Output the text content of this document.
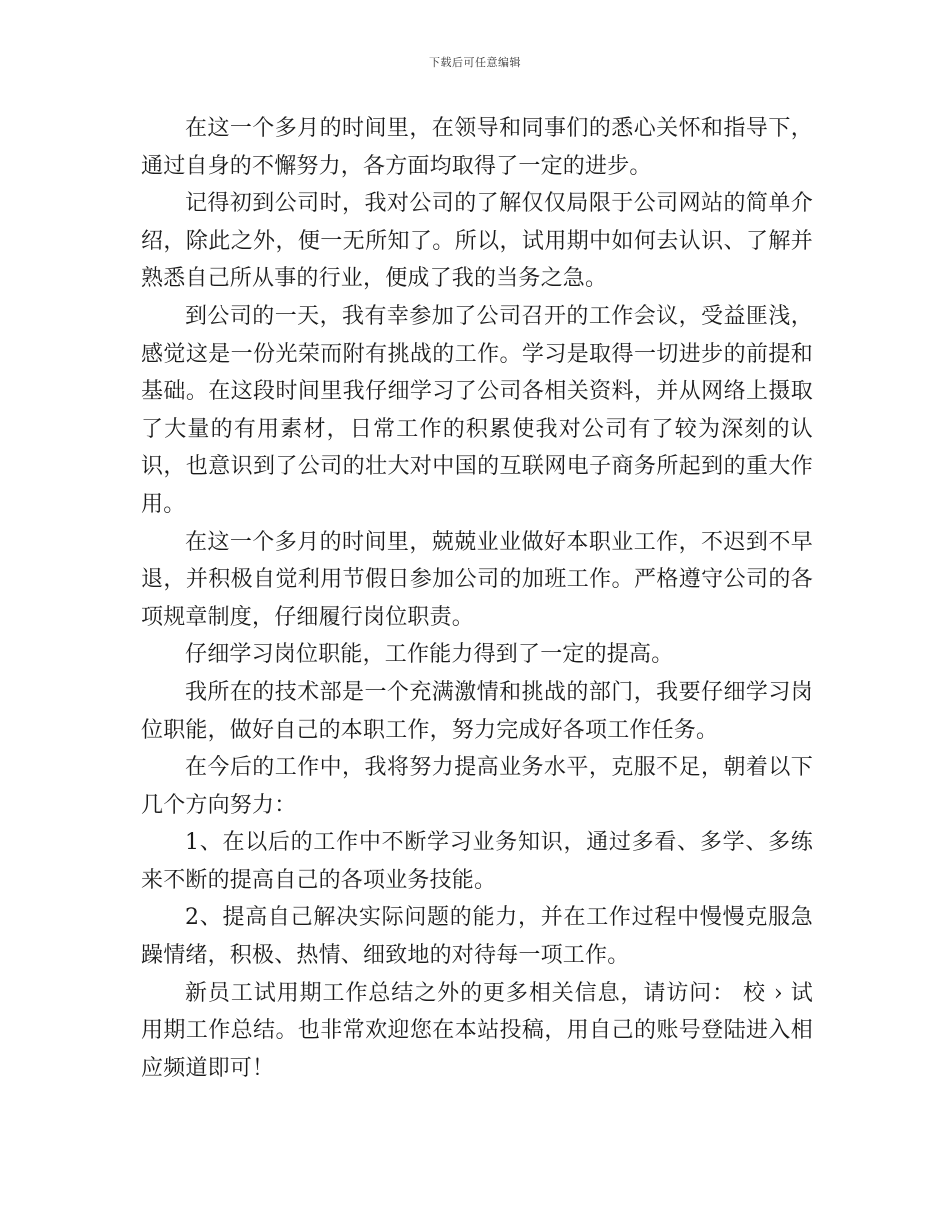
下载后可任意编辑

在这一个多月的时间里，在领导和同事们的悉心关怀和指导下，通过自身的不懈努力，各方面均取得了一定的进步。

记得初到公司时，我对公司的了解仅仅局限于公司网站的简单介绍，除此之外，便一无所知了。所以，试用期中如何去认识、了解并熟悉自己所从事的行业，便成了我的当务之急。

到公司的一天，我有幸参加了公司召开的工作会议，受益匪浅，感觉这是一份光荣而附有挑战的工作。学习是取得一切进步的前提和基础。在这段时间里我仔细学习了公司各相关资料，并从网络上摄取了大量的有用素材，日常工作的积累使我对公司有了较为深刻的认识，也意识到了公司的壮大对中国的互联网电子商务所起到的重大作用。

在这一个多月的时间里，兢兢业业做好本职业工作，不迟到不早退，并积极自觉利用节假日参加公司的加班工作。严格遵守公司的各项规章制度，仔细履行岗位职责。

仔细学习岗位职能，工作能力得到了一定的提高。

我所在的技术部是一个充满激情和挑战的部门，我要仔细学习岗位职能，做好自己的本职工作，努力完成好各项工作任务。

在今后的工作中，我将努力提高业务水平，克服不足，朝着以下几个方向努力：

1、在以后的工作中不断学习业务知识，通过多看、多学、多练来不断的提高自己的各项业务技能。

2、提高自己解决实际问题的能力，并在工作过程中慢慢克服急躁情绪，积极、热情、细致地的对待每一项工作。

新员工试用期工作总结之外的更多相关信息，请访问： 校 › 试用期工作总结。也非常欢迎您在本站投稿，用自己的账号登陆进入相应频道即可！
